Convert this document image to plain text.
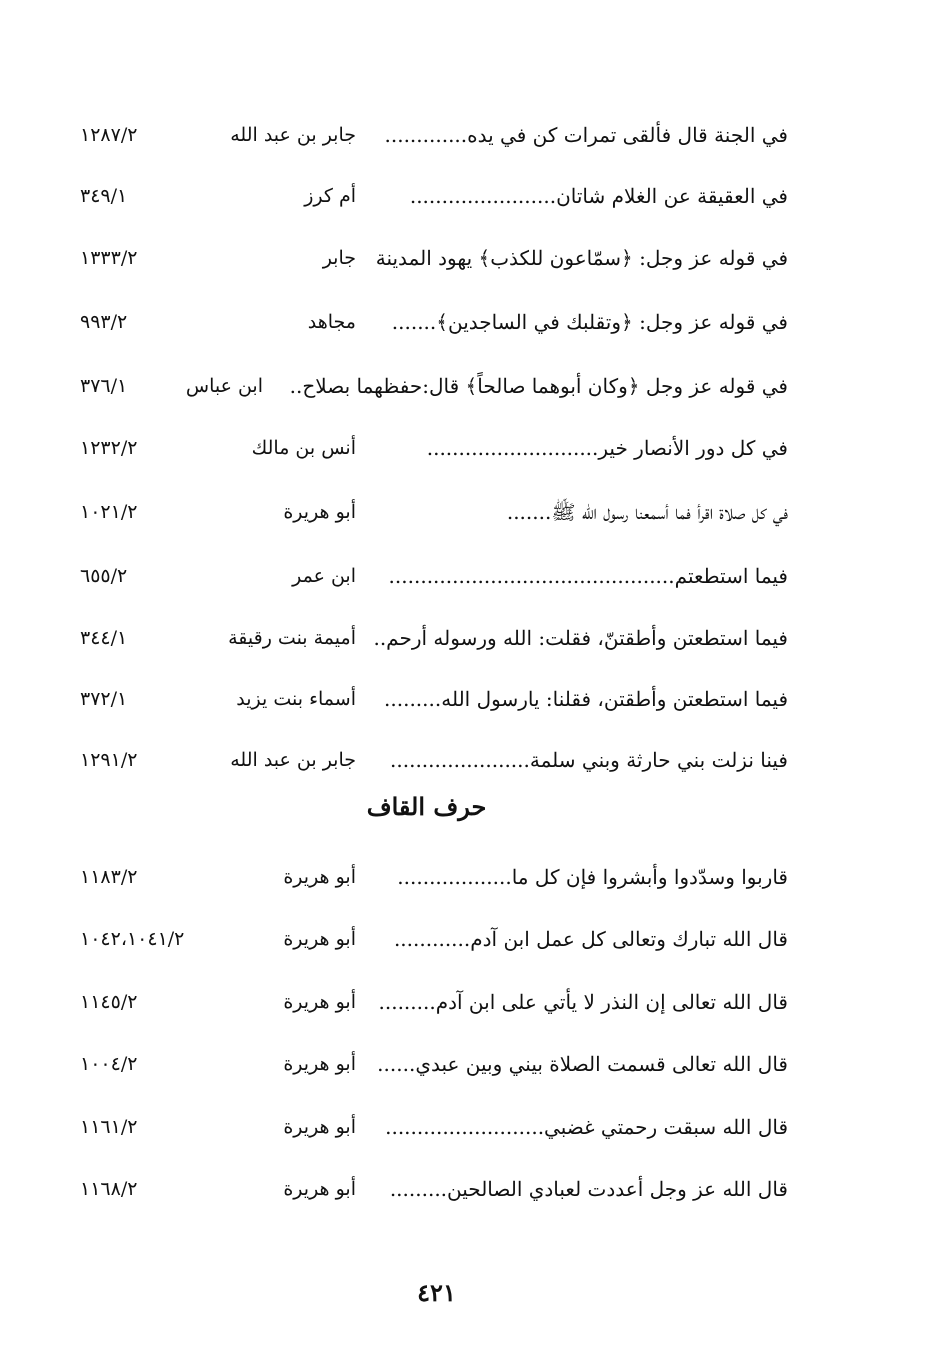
في الجنة قال فألقى تمرات كن في يده.............
جابر بن عبد الله
١٢٨٧/٢
في العقيقة عن الغلام شاتان.......................
أم كرز
٣٤٩/١
في قوله عز وجل: ﴿سمّاعون للكذب﴾ يهود المدينة
جابر
١٣٣٣/٢
في قوله عز وجل: ﴿وتقلبك في الساجدين﴾.......
مجاهد
٩٩٣/٢
في قوله عز وجل ﴿وكان أبوهما صالحاً﴾ قال:حفظهما بصلاح..
ابن عباس
٣٧٦/١
في كل دور الأنصار خير...........................
أنس بن مالك
١٢٣٢/٢
في كل صلاة اقرأ فما أسمعنا رسول الله ﷺ.......
أبو هريرة
١٠٢١/٢
فيما استطعتم.............................................
ابن عمر
٦٥٥/٢
فيما استطعتن وأطقتنّ، فقلت: الله ورسوله أرحم..
أميمة بنت رقيقة
٣٤٤/١
فيما استطعتن وأطقتن، فقلنا: يارسول الله.........
أسماء بنت يزيد
٣٧٢/١
فينا نزلت بني حارثة وبني سلمة......................
جابر بن عبد الله
١٢٩١/٢
حرف القاف
قاربوا وسدّدوا وأبشروا فإن كل ما..................
أبو هريرة
١١٨٣/٢
قال الله تبارك وتعالى كل عمل ابن آدم............
أبو هريرة
١٠٤٢،١٠٤١/٢
قال الله تعالى إن النذر لا يأتي على ابن آدم.........
أبو هريرة
١١٤٥/٢
قال الله تعالى قسمت الصلاة بيني وبين عبدي......
أبو هريرة
١٠٠٤/٢
قال الله سبقت رحمتي غضبي.........................
أبو هريرة
١١٦١/٢
قال الله عز وجل أعددت لعبادي الصالحين.........
أبو هريرة
١١٦٨/٢
٤٢١
